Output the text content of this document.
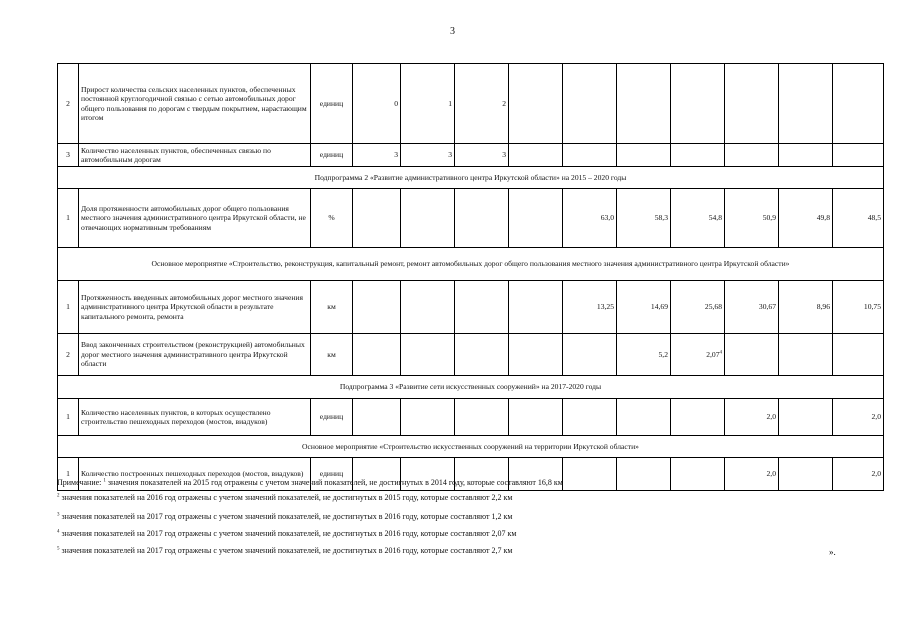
3
2	Прирост количества сельских населенных пунктов, обеспеченных постоянной круглогодичной связью с сетью автомобильных дорог общего пользования по дорогам с твердым покрытием, нарастающим итогом	единиц	0	1	2							
3	Количество населенных пунктов, обеспеченных связью по автомобильным дорогам	единиц	3	3	3							
Подпрограмма 2 «Развитие административного центра Иркутской области» на 2015 – 2020 годы												
1	Доля протяженности автомобильных дорог общего пользования местного значения административного центра Иркутской области, не отвечающих нормативным требованиям	%					63,0	58,3	54,8	50,9	49,8	48,5
Основное мероприятие «Строительство, реконструкция, капитальный ремонт, ремонт автомобильных дорог общего пользования местного значения административного центра Иркутской области»												
1	Протяженность введенных автомобильных дорог местного значения административного центра Иркутской области в результате капитального ремонта, ремонта	км					13,25	14,69	25,68	30,67	8,96	10,75
2	Ввод законченных строительством (реконструкцией) автомобильных дорог местного значения административного центра Иркутской области	км						5,2	2,07$^4$			
Подпрограмма 3 «Развитие сети искусственных сооружений» на 2017-2020 годы												
1	Количество населенных пунктов, в которых осуществлено строительство пешеходных переходов (мостов, виадуков)	единиц								2,0		2,0
Основное мероприятие «Строительство искусственных сооружений на территории Иркутской области»												
1	Количество построенных пешеходных переходов (мостов, виадуков)	единиц								2,0		2,0
Примечание: $^1$ значения показателей на 2015 год отражены с учетом значений показателей, не достигнутых в 2014 году, которые составляют 16,8 км
$^2$ значения показателей на 2016 год отражены с учетом значений показателей, не достигнутых в 2015 году, которые составляют 2,2 км
$^3$ значения показателей на 2017 год отражены с учетом значений показателей, не достигнутых в 2016 году, которые составляют 1,2 км
$^4$ значения показателей на 2017 год отражены с учетом значений показателей, не достигнутых в 2016 году, которые составляют 2,07 км
$^5$ значения показателей на 2017 год отражены с учетом значений показателей, не достигнутых в 2016 году, которые составляют 2,7 км	».
